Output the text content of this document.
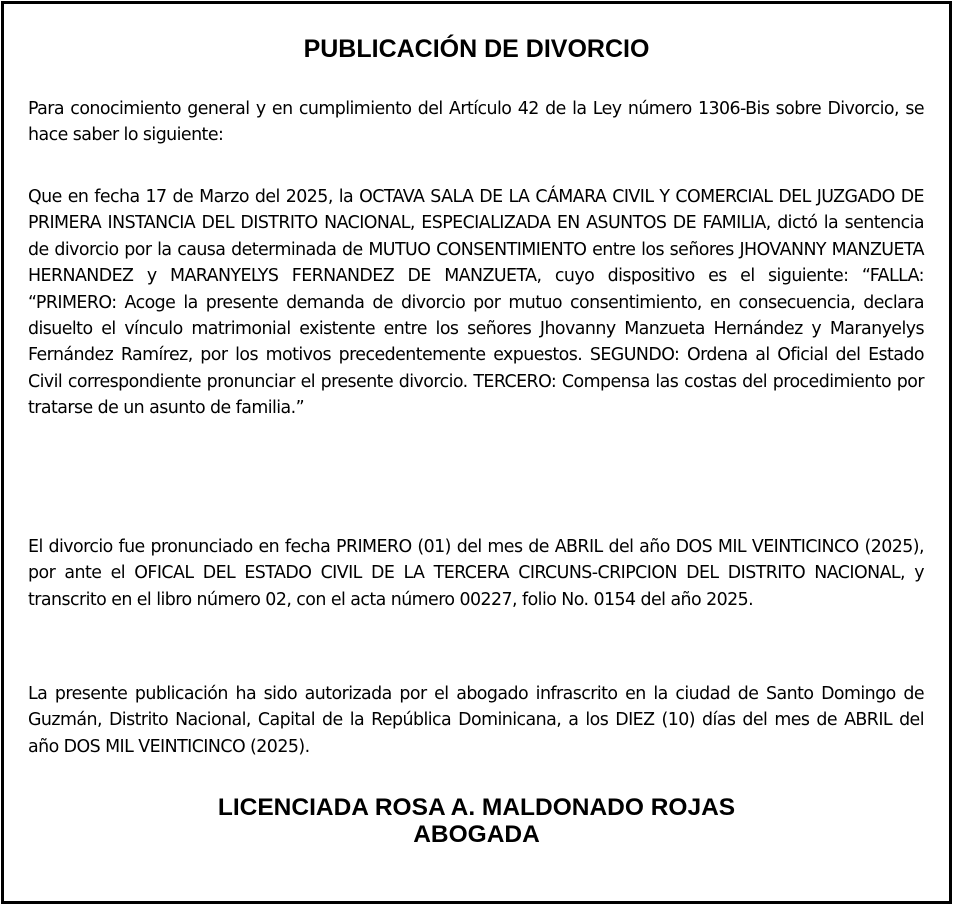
PUBLICACIÓN DE DIVORCIO

Para conocimiento general y en cumplimiento del Artículo 42 de la Ley número 1306-Bis sobre Divorcio, se hace saber lo siguiente:

Que en fecha 17 de Marzo del 2025, la OCTAVA SALA DE LA CÁMARA CIVIL Y COMERCIAL DEL JUZGADO DE PRIMERA INSTANCIA DEL DISTRITO NACIONAL, ESPECIALIZADA EN ASUNTOS DE FAMILIA, dictó la sentencia de divorcio por la causa determinada de MUTUO CONSENTIMIENTO entre los señores JHOVANNY MANZUETA HERNANDEZ y MARANYELYS FERNANDEZ DE MANZUETA, cuyo dispositivo es el siguiente: “FALLA: “PRIMERO: Acoge la presente demanda de divorcio por mutuo consentimiento, en consecuencia, declara disuelto el vínculo matrimonial existente entre los señores Jhovanny Manzueta Hernández y Maranyelys Fernández Ramírez, por los motivos precedentemente expuestos. SEGUNDO: Ordena al Oficial del Estado Civil correspondiente pronunciar el presente divorcio. TERCERO: Compensa las costas del procedimiento por tratarse de un asunto de familia.”

El divorcio fue pronunciado en fecha PRIMERO (01) del mes de ABRIL del año DOS MIL VEINTICINCO (2025), por ante el OFICAL DEL ESTADO CIVIL DE LA TERCERA CIRCUNS-CRIPCION DEL DISTRITO NACIONAL, y transcrito en el libro número 02, con el acta número 00227, folio No. 0154 del año 2025.

La presente publicación ha sido autorizada por el abogado infrascrito en la ciudad de Santo Domingo de Guzmán, Distrito Nacional, Capital de la República Dominicana, a los DIEZ (10) días del mes de ABRIL del año DOS MIL VEINTICINCO (2025).

LICENCIADA ROSA A. MALDONADO ROJAS
ABOGADA
